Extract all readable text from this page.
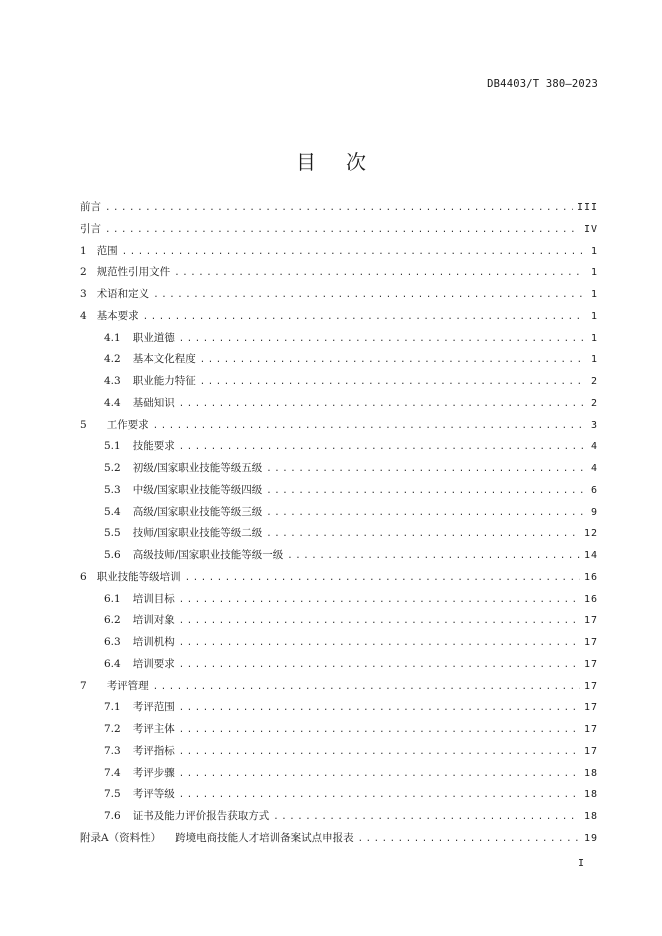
DB4403/T 380—2023
目次
前言 .....	III
引言 .....	IV
1 范围 .....	1
2 规范性引用文件 .....	1
3 术语和定义 .....	1
4 基本要求 .....	1
4.1 职业道德 .....	1
4.2 基本文化程度 .....	1
4.3 职业能力特征 .....	2
4.4 基础知识 .....	2
5 工作要求 .....	3
5.1 技能要求 .....	4
5.2 初级/国家职业技能等级五级 .....	4
5.3 中级/国家职业技能等级四级 .....	6
5.4 高级/国家职业技能等级三级 .....	9
5.5 技师/国家职业技能等级二级 .....	12
5.6 高级技师/国家职业技能等级一级 .....	14
6 职业技能等级培训 .....	16
6.1 培训目标 .....	16
6.2 培训对象 .....	17
6.3 培训机构 .....	17
6.4 培训要求 .....	17
7 考评管理 .....	17
7.1 考评范围 .....	17
7.2 考评主体 .....	17
7.3 考评指标 .....	17
7.4 考评步骤 .....	18
7.5 考评等级 .....	18
7.6 证书及能力评价报告获取方式 .....	18
附录A（资料性） 跨境电商技能人才培训备案试点申报表 .....	19
I
